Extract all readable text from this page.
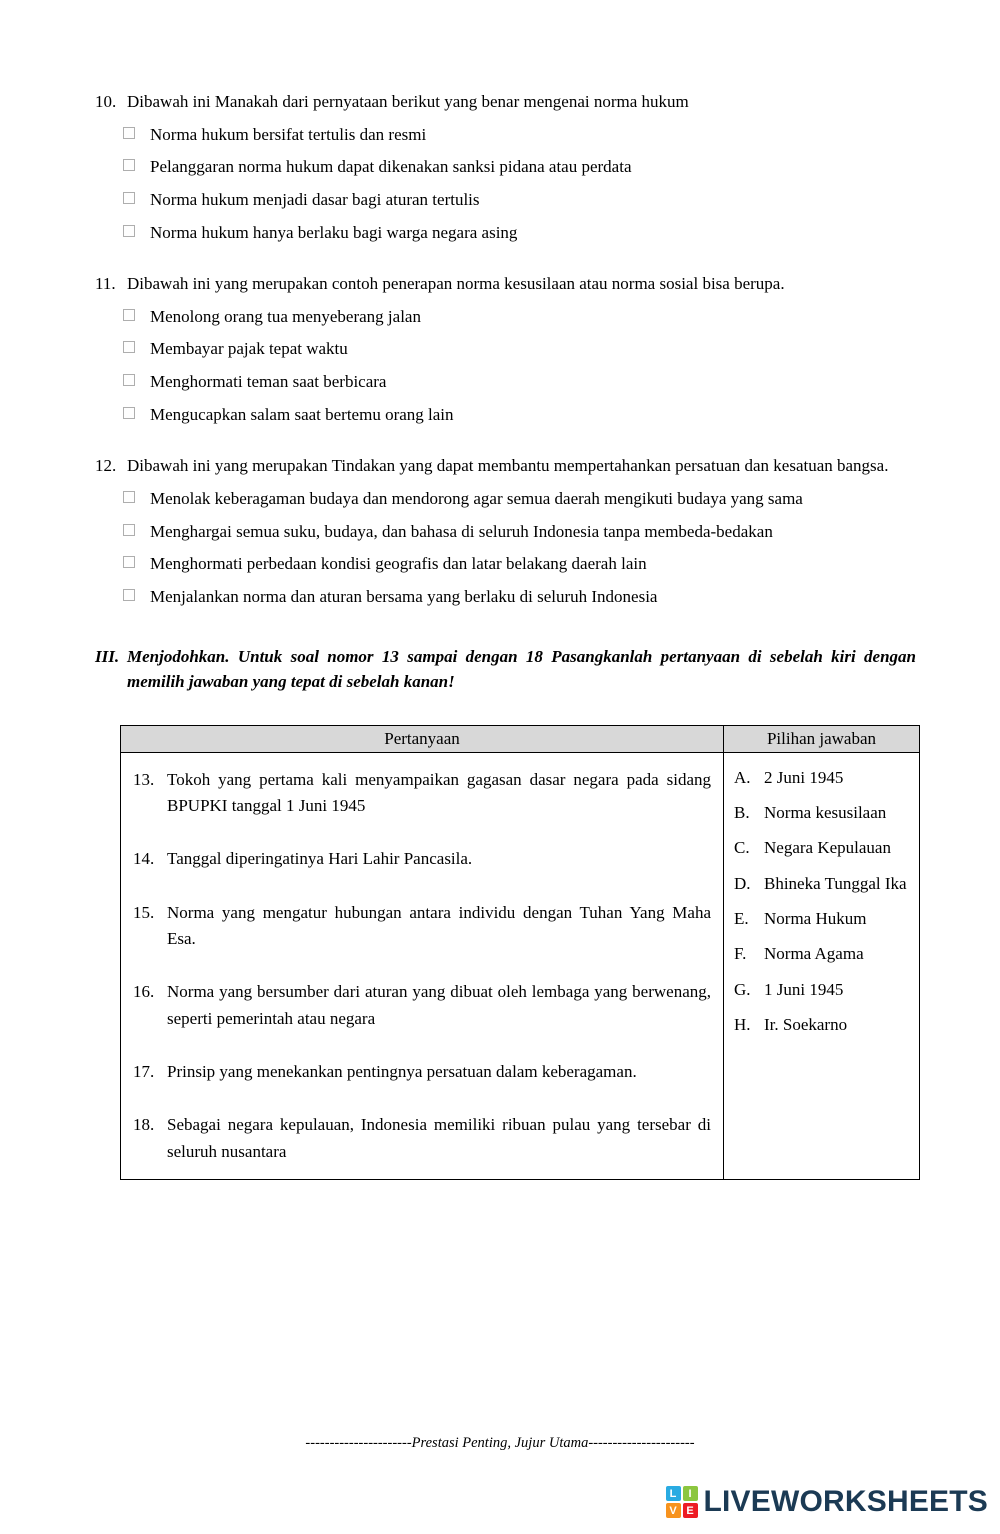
10. Dibawah ini Manakah dari pernyataan berikut yang benar mengenai norma hukum
Norma hukum bersifat tertulis dan resmi
Pelanggaran norma hukum dapat dikenakan sanksi pidana atau perdata
Norma hukum menjadi dasar bagi aturan tertulis
Norma hukum hanya berlaku bagi warga negara asing
11. Dibawah ini yang merupakan contoh penerapan norma kesusilaan atau norma sosial bisa berupa.
Menolong orang tua menyeberang jalan
Membayar pajak tepat waktu
Menghormati teman saat berbicara
Mengucapkan salam saat bertemu orang lain
12. Dibawah ini yang merupakan Tindakan yang dapat membantu mempertahankan persatuan dan kesatuan bangsa.
Menolak keberagaman budaya dan mendorong agar semua daerah mengikuti budaya yang sama
Menghargai semua suku, budaya, dan bahasa di seluruh Indonesia tanpa membeda-bedakan
Menghormati perbedaan kondisi geografis dan latar belakang daerah lain
Menjalankan norma dan aturan bersama yang berlaku di seluruh Indonesia
III. Menjodohkan. Untuk soal nomor 13 sampai dengan 18 Pasangkanlah pertanyaan di sebelah kiri dengan memilih jawaban yang tepat di sebelah kanan!
Pertanyaan	Pilihan jawaban

13. Tokoh yang pertama kali menyampaikan gagasan dasar negara pada sidang BPUPKI tanggal 1 Juni 1945
14. Tanggal diperingatinya Hari Lahir Pancasila.
15. Norma yang mengatur hubungan antara individu dengan Tuhan Yang Maha Esa.
16. Norma yang bersumber dari aturan yang dibuat oleh lembaga yang berwenang, seperti pemerintah atau negara
17. Prinsip yang menekankan pentingnya persatuan dalam keberagaman.
18. Sebagai negara kepulauan, Indonesia memiliki ribuan pulau yang tersebar di seluruh nusantara

A. 2 Juni 1945
B. Norma kesusilaan
C. Negara Kepulauan
D. Bhineka Tunggal Ika
E. Norma Hukum
F.	Norma Agama
G. 1 Juni 1945
H. Ir. Soekarno
----------------------Prestasi Penting, Jujur Utama----------------------
L	I
V E LIVEWORKSHEETS
